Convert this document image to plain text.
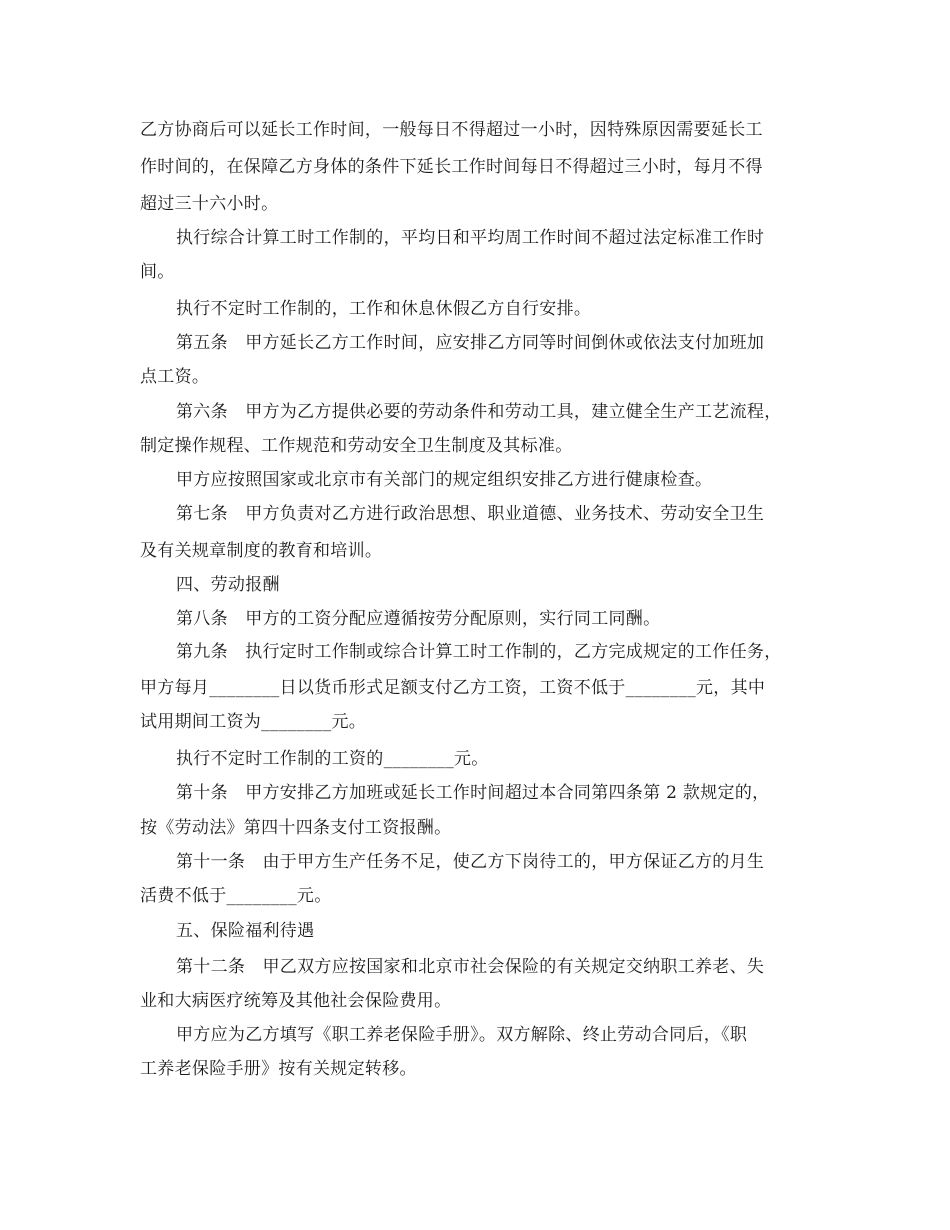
乙方协商后可以延长工作时间，一般每日不得超过一小时，因特殊原因需要延长工
作时间的，在保障乙方身体的条件下延长工作时间每日不得超过三小时，每月不得
超过三十六小时。
执行综合计算工时工作制的，平均日和平均周工作时间不超过法定标准工作时
间。
执行不定时工作制的，工作和休息休假乙方自行安排。
第五条　甲方延长乙方工作时间，应安排乙方同等时间倒休或依法支付加班加
点工资。
第六条　甲方为乙方提供必要的劳动条件和劳动工具，建立健全生产工艺流程，
制定操作规程、工作规范和劳动安全卫生制度及其标准。
甲方应按照国家或北京市有关部门的规定组织安排乙方进行健康检查。
第七条　甲方负责对乙方进行政治思想、职业道德、业务技术、劳动安全卫生
及有关规章制度的教育和培训。
四、劳动报酬
第八条　甲方的工资分配应遵循按劳分配原则，实行同工同酬。
第九条　执行定时工作制或综合计算工时工作制的，乙方完成规定的工作任务，
甲方每月________日以货币形式足额支付乙方工资，工资不低于________元，其中
试用期间工资为________元。
执行不定时工作制的工资的________元。
第十条　甲方安排乙方加班或延长工作时间超过本合同第四条第 2 款规定的，
按《劳动法》第四十四条支付工资报酬。
第十一条　由于甲方生产任务不足，使乙方下岗待工的，甲方保证乙方的月生
活费不低于________元。
五、保险福利待遇
第十二条　甲乙双方应按国家和北京市社会保险的有关规定交纳职工养老、失
业和大病医疗统筹及其他社会保险费用。
甲方应为乙方填写《职工养老保险手册》。双方解除、终止劳动合同后，《职
工养老保险手册》按有关规定转移。
